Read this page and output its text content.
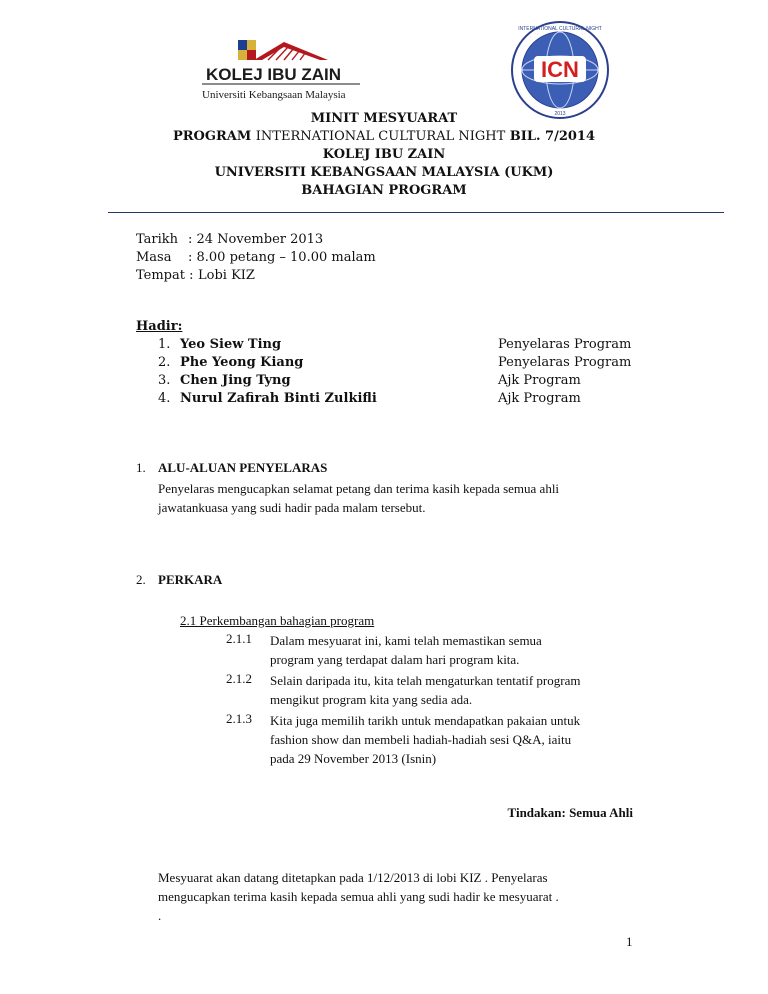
KOLEJ IBU ZAIN
Universiti Kebangsaan Malaysia
ICN
INTERNATIONAL CULTURAL NIGHT
2013
MINIT MESYUARAT
PROGRAM INTERNATIONAL CULTURAL NIGHT BIL. 7/2014
KOLEJ IBU ZAIN
UNIVERSITI KEBANGSAAN MALAYSIA (UKM)
BAHAGIAN PROGRAM
Tarikh : 24 November 2013
Masa : 8.00 petang – 10.00 malam
Tempat : Lobi KIZ
Hadir:
1. Yeo Siew Ting	Penyelaras Program
2. Phe Yeong Kiang	Penyelaras Program
3. Chen Jing Tyng	Ajk Program
4. Nurul Zafirah Binti Zulkifli	Ajk Program
1. ALU-ALUAN PENYELARAS
Penyelaras mengucapkan selamat petang dan terima kasih kepada semua ahli
jawatankuasa yang sudi hadir pada malam tersebut.
2. PERKARA
2.1 Perkembangan bahagian program
2.1.1 Dalam mesyuarat ini, kami telah memastikan semua
program yang terdapat dalam hari program kita.
2.1.2 Selain daripada itu, kita telah mengaturkan tentatif program
mengikut program kita yang sedia ada.
2.1.3 Kita juga memilih tarikh untuk mendapatkan pakaian untuk
fashion show dan membeli hadiah-hadiah sesi Q&A, iaitu
pada 29 November 2013 (Isnin)
Tindakan: Semua Ahli
Mesyuarat akan datang ditetapkan pada 1/12/2013 di lobi KIZ . Penyelaras
mengucapkan terima kasih kepada semua ahli yang sudi hadir ke mesyuarat .
.
1
